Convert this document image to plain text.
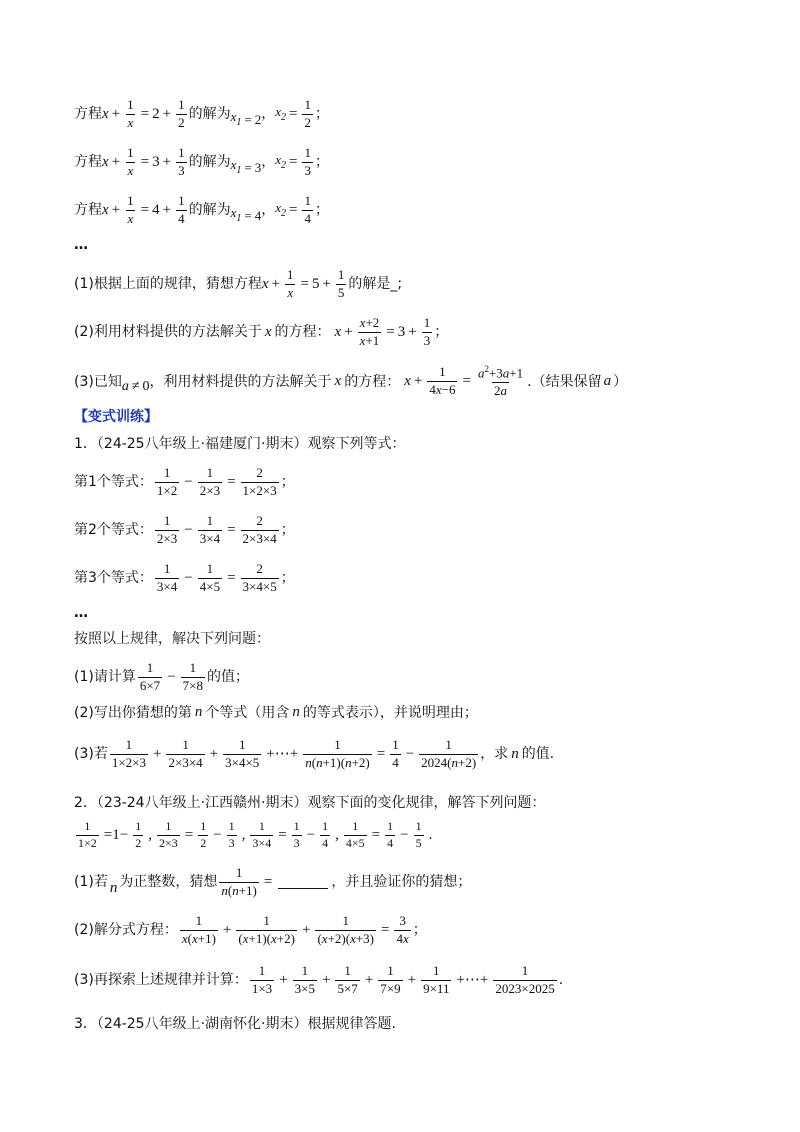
方程 $x + \frac{1}{x} = 2 + \frac{1}{2}$ 的解为 $x_1 = 2$ ， $x_2 = \frac{1}{2}$ ；
方程 $x + \frac{1}{x} = 3 + \frac{1}{3}$ 的解为 $x_1 = 3$ ， $x_2 = \frac{1}{3}$ ；
方程 $x + \frac{1}{x} = 4 + \frac{1}{4}$ 的解为 $x_1 = 4$ ， $x_2 = \frac{1}{4}$ ；
…
(1)根据上面的规律，猜想方程 $x + \frac{1}{x} = 5 + \frac{1}{5}$ 的解是_;
(2)利用材料提供的方法解关于 x 的方程： $x + \frac{x+2}{x+1} = 3 + \frac{1}{3}$ ；
(3)已知 a ≠ 0 ，利用材料提供的方法解关于 x 的方程： $x + \frac{1}{4x-6} = \frac{a^2+3a+1}{2a}$ .（结果保留 a ）
【变式训练】
1．（24-25八年级上·福建厦门·期末）观察下列等式：
第1个等式： $\frac{1}{1\times 2} - \frac{1}{2\times 3} = \frac{2}{1\times 2\times 3}$ ；
第2个等式： $\frac{1}{2\times 3} - \frac{1}{3\times 4} = \frac{2}{2\times 3\times 4}$ ；
第3个等式： $\frac{1}{3\times 4} - \frac{1}{4\times 5} = \frac{2}{3\times 4\times 5}$ ；
…
按照以上规律，解决下列问题：
(1)请计算 $\frac{1}{6\times 7} - \frac{1}{7\times 8}$ 的值；
(2)写出你猜想的第 n 个等式（用含 n 的等式表示），并说明理由；
(3)若 $\frac{1}{1\times 2\times 3} + \frac{1}{2\times 3\times 4} + \frac{1}{3\times 4\times 5}$ +⋯+ $\frac{1}{n(n+1)(n+2)} = \frac{1}{4} - \frac{1}{2024(n+2)}$ ，求 n 的值.
2．（23-24八年级上·江西赣州·期末）观察下面的变化规律，解答下列问题：
$\frac{1}{1\times 2} =1- \frac{1}{2}$ , $\frac{1}{2\times 3} = \frac{1}{2} - \frac{1}{3}$ , $\frac{1}{3\times 4} = \frac{1}{3} - \frac{1}{4}$ , $\frac{1}{4\times 5} = \frac{1}{4} - \frac{1}{5}$ .
(1)若 n 为正整数，猜想 $\frac{1}{n(n+1)}$ =	，并且验证你的猜想；
(2)解分式方程： $\frac{1}{x(x+1)} + \frac{1}{(x+1)(x+2)} + \frac{1}{(x+2)(x+3)} = \frac{3}{4x}$ ；
(3)再探索上述规律并计算： $\frac{1}{1\times 3} + \frac{1}{3\times 5} + \frac{1}{5\times 7} + \frac{1}{7\times 9} + \frac{1}{9\times 11}$ +⋯+ $\frac{1}{2023\times 2025}$ .
3．（24-25八年级上·湖南怀化·期末）根据规律答题.
